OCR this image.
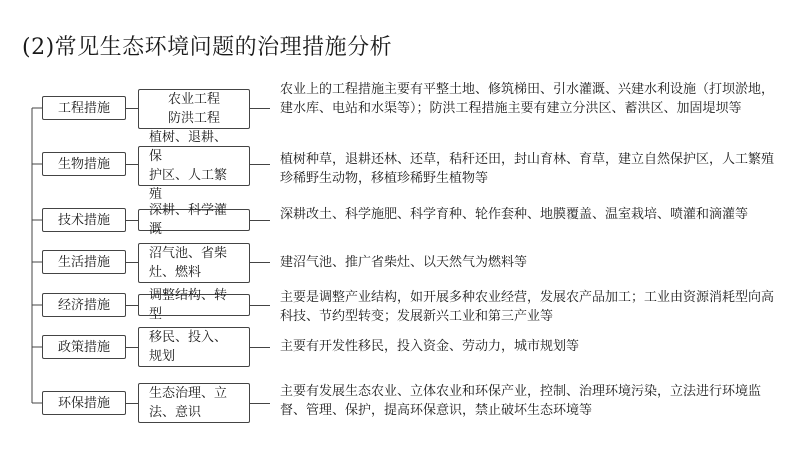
(2)常见生态环境问题的治理措施分析
工程措施
农业工程
防洪工程

农业上的工程措施主要有平整土地、修筑梯田、引水灌溉、兴建水利设施（打坝淤地，建水库、电站和水渠等）；防洪工程措施主要有建立分洪区、蓄洪区、加固堤坝等

生物措施
植树、退耕、保
护区、人工繁殖

植树种草，退耕还林、还草，秸秆还田，封山育林、育草，建立自然保护区，人工繁殖珍稀野生动物，移植珍稀野生植物等

技术措施
深耕、科学灌溉

深耕改土、科学施肥、科学育种、轮作套种、地膜覆盖、温室栽培、喷灌和滴灌等

生活措施
沼气池、省柴
灶、燃料

建沼气池、推广省柴灶、以天然气为燃料等

经济措施
调整结构、转型

主要是调整产业结构，如开展多种农业经营，发展农产品加工；工业由资源消耗型向高科技、节约型转变；发展新兴工业和第三产业等

政策措施
移民、投入、
规划

主要有开发性移民，投入资金、劳动力，城市规划等

环保措施
生态治理、立
法、意识

主要有发展生态农业、立体农业和环保产业，控制、治理环境污染，立法进行环境监督、管理、保护，提高环保意识，禁止破坏生态环境等
